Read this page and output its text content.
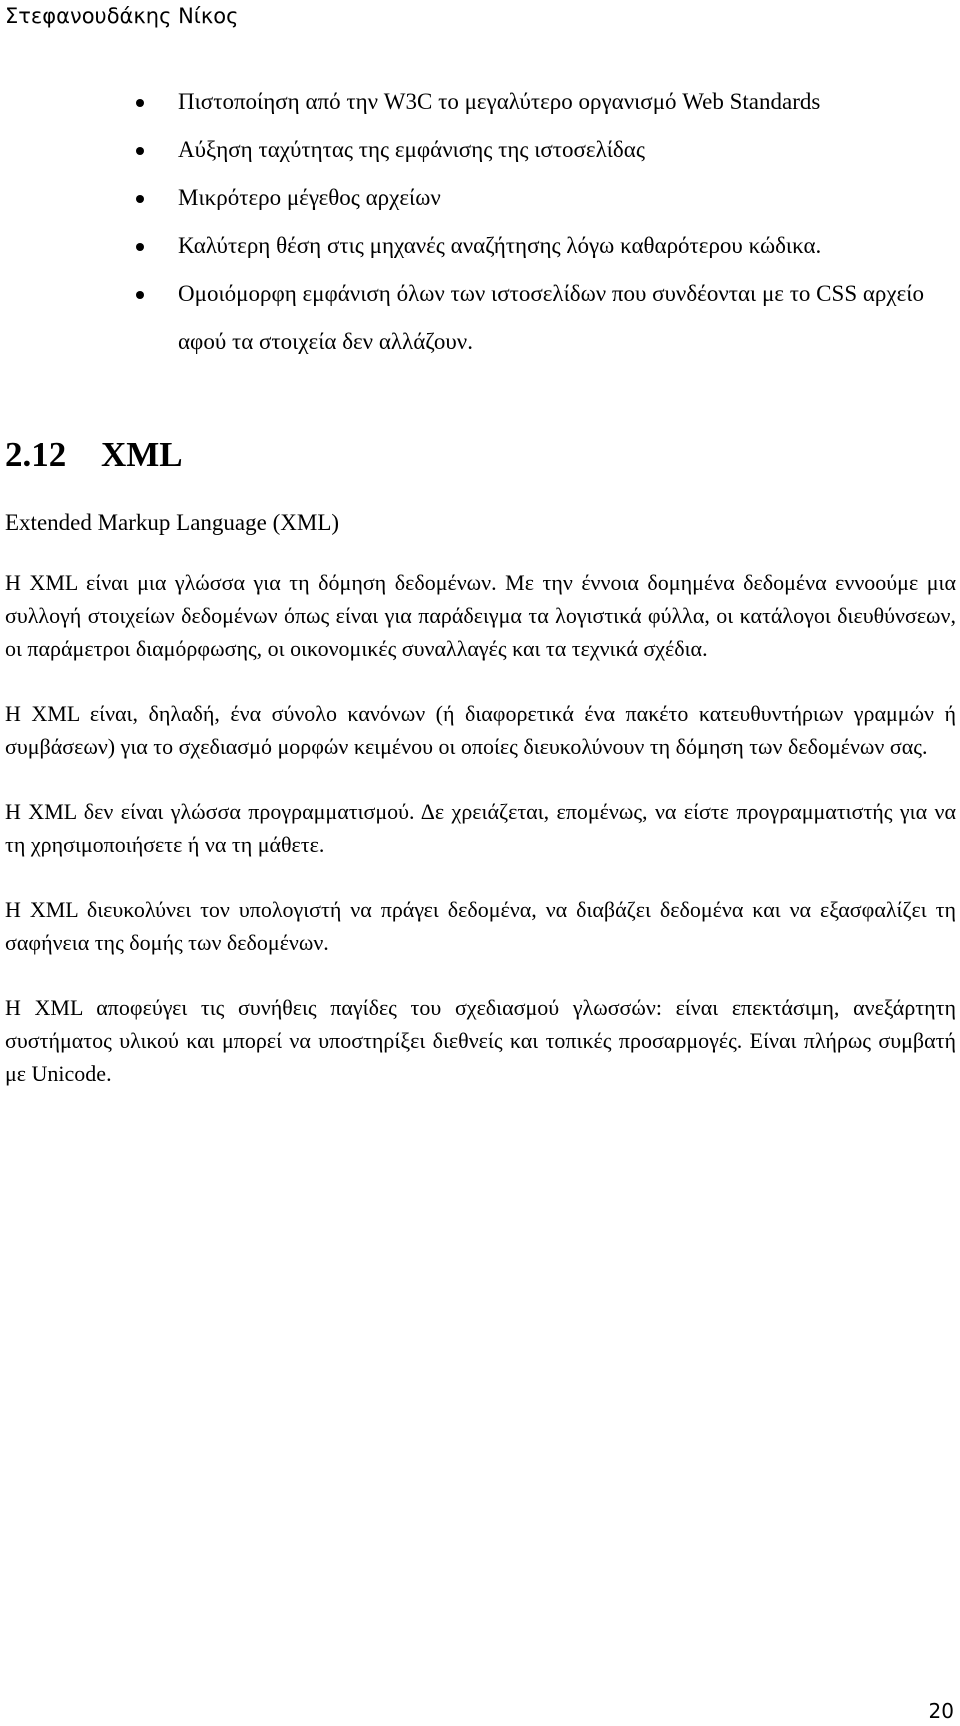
Στεφανουδάκης Νίκος
Πιστοποίηση από την W3C το μεγαλύτερο οργανισμό Web Standards
Αύξηση ταχύτητας της εμφάνισης της ιστοσελίδας
Μικρότερο μέγεθος αρχείων
Καλύτερη θέση στις μηχανές αναζήτησης λόγω καθαρότερου κώδικα.
Ομοιόμορφη εμφάνιση όλων των ιστοσελίδων που συνδέονται με το CSS αρχείο αφού τα στοιχεία δεν αλλάζουν.
2.12 XML
Extended Markup Language (XML)

Η XML είναι μια γλώσσα για τη δόμηση δεδομένων. Με την έννοια δομημένα δεδομένα εννοούμε μια συλλογή στοιχείων δεδομένων όπως είναι για παράδειγμα τα λογιστικά φύλλα, οι κατάλογοι διευθύνσεων, οι παράμετροι διαμόρφωσης, οι οικονομικές συναλλαγές και τα τεχνικά σχέδια.

Η XML είναι, δηλαδή, ένα σύνολο κανόνων (ή διαφορετικά ένα πακέτο κατευθυντήριων γραμμών ή συμβάσεων) για το σχεδιασμό μορφών κειμένου οι οποίες διευκολύνουν τη δόμηση των δεδομένων σας.

Η XML δεν είναι γλώσσα προγραμματισμού. Δε χρειάζεται, επομένως, να είστε προγραμματιστής για να τη χρησιμοποιήσετε ή να τη μάθετε.

Η XML διευκολύνει τον υπολογιστή να πράγει δεδομένα, να διαβάζει δεδομένα και να εξασφαλίζει τη σαφήνεια της δομής των δεδομένων.

Η XML αποφεύγει τις συνήθεις παγίδες του σχεδιασμού γλωσσών: είναι επεκτάσιμη, ανεξάρτητη συστήματος υλικού και μπορεί να υποστηρίξει διεθνείς και τοπικές προσαρμογές. Είναι πλήρως συμβατή με Unicode.

20
